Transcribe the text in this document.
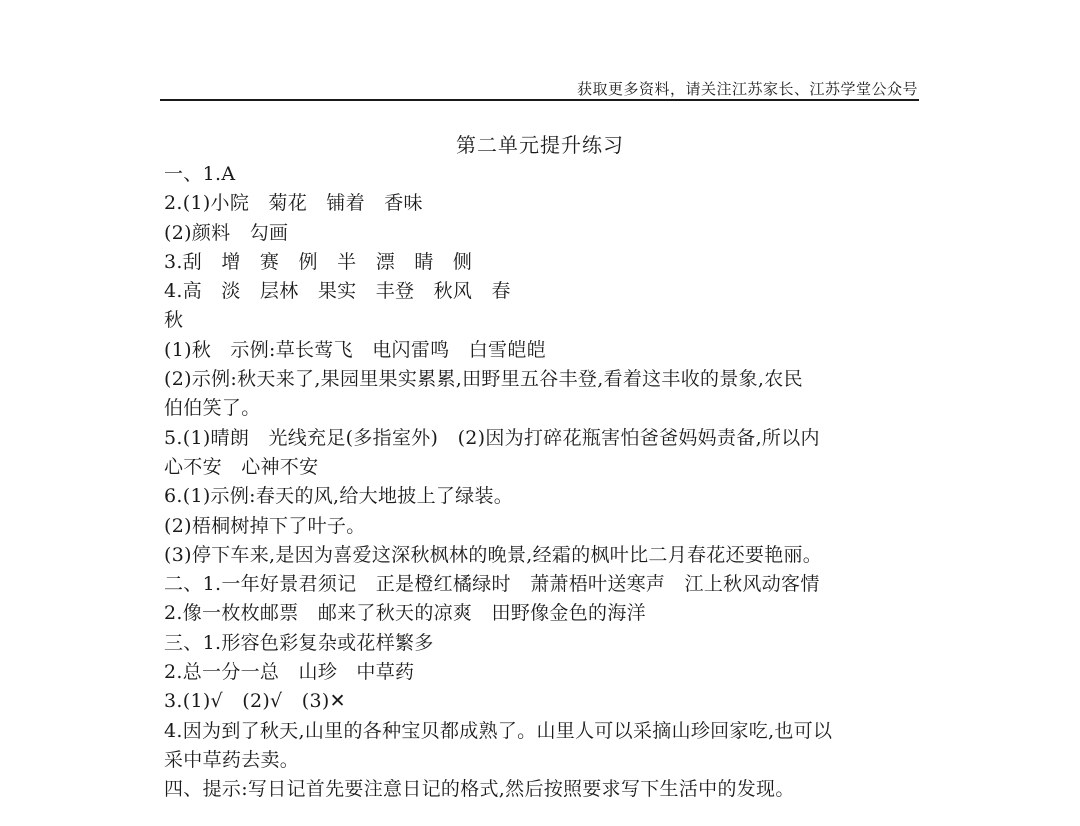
获取更多资料，请关注江苏家长、江苏学堂公众号
第二单元提升练习
一、1.A
2.(1)小院　菊花　铺着　香味
(2)颜料　勾画
3.刮　增　赛　例　半　漂　睛　侧
4.高　淡　层林　果实　丰登　秋风　春
秋
(1)秋　示例:草长莺飞　电闪雷鸣　白雪皑皑
(2)示例:秋天来了,果园里果实累累,田野里五谷丰登,看着这丰收的景象,农民
伯伯笑了。
5.(1)晴朗　光线充足(多指室外)　(2)因为打碎花瓶害怕爸爸妈妈责备,所以内
心不安　心神不安
6.(1)示例:春天的风,给大地披上了绿装。
(2)梧桐树掉下了叶子。
(3)停下车来,是因为喜爱这深秋枫林的晚景,经霜的枫叶比二月春花还要艳丽。
二、1.一年好景君须记　正是橙红橘绿时　萧萧梧叶送寒声　江上秋风动客情
2.像一枚枚邮票　邮来了秋天的凉爽　田野像金色的海洋
三、1.形容色彩复杂或花样繁多
2.总一分一总　山珍　中草药
3.(1)√　(2)√　(3)✕
4.因为到了秋天,山里的各种宝贝都成熟了。山里人可以采摘山珍回家吃,也可以
采中草药去卖。
四、提示:写日记首先要注意日记的格式,然后按照要求写下生活中的发现。
